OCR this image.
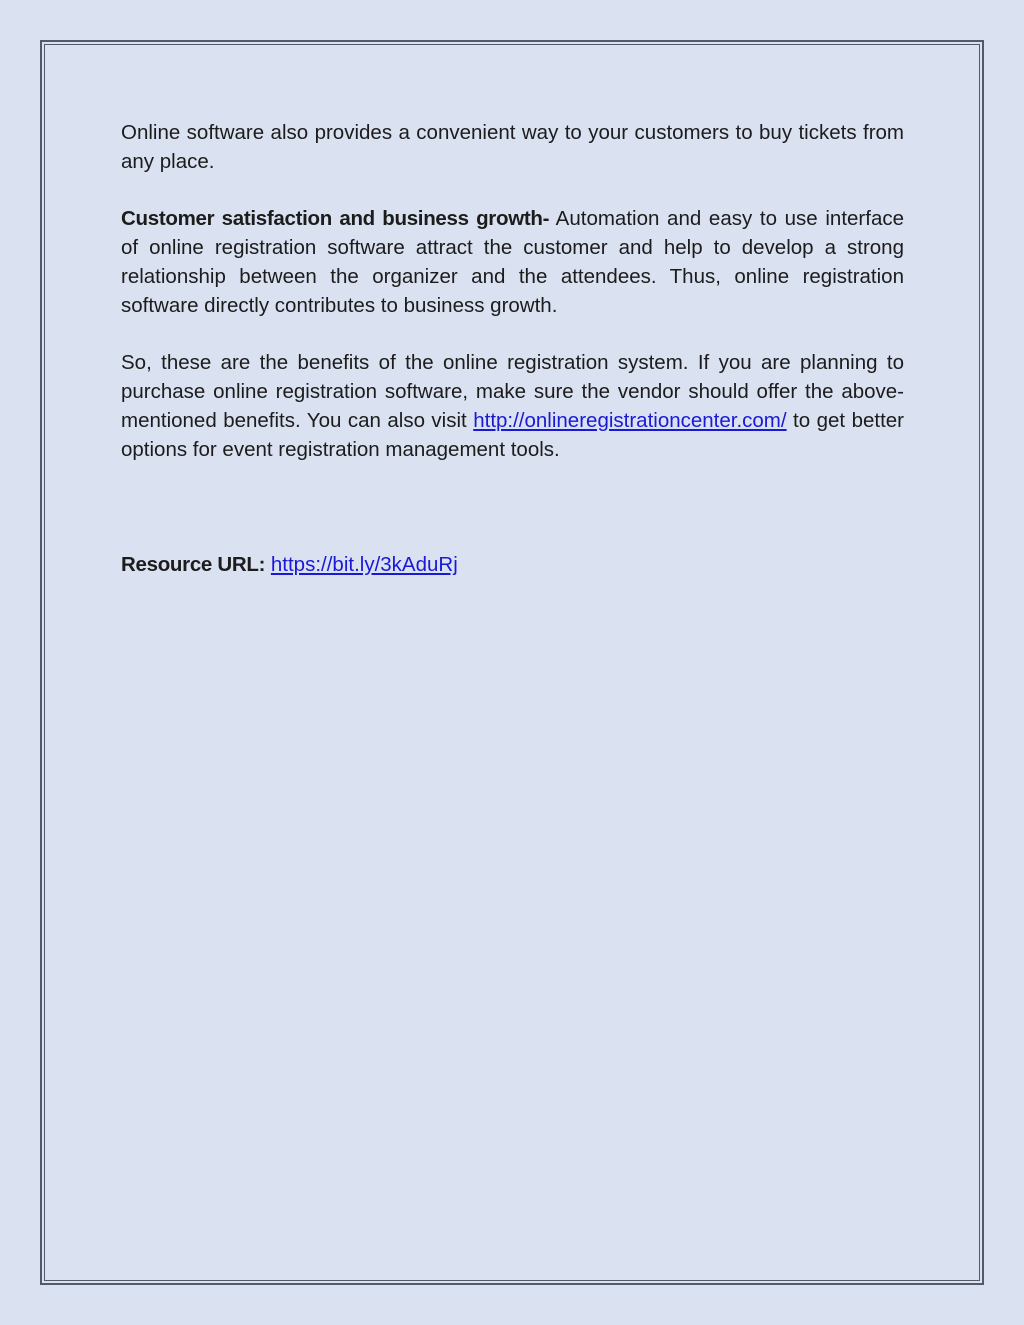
Online software also provides a convenient way to your customers to buy tickets from any place.

Customer satisfaction and business growth- Automation and easy to use interface of online registration software attract the customer and help to develop a strong relationship between the organizer and the attendees. Thus, online registration software directly contributes to business growth.

So, these are the benefits of the online registration system. If you are planning to purchase online registration software, make sure the vendor should offer the above-mentioned benefits. You can also visit http://onlineregistrationcenter.com/ to get better options for event registration management tools.

Resource URL: https://bit.ly/3kAduRj
